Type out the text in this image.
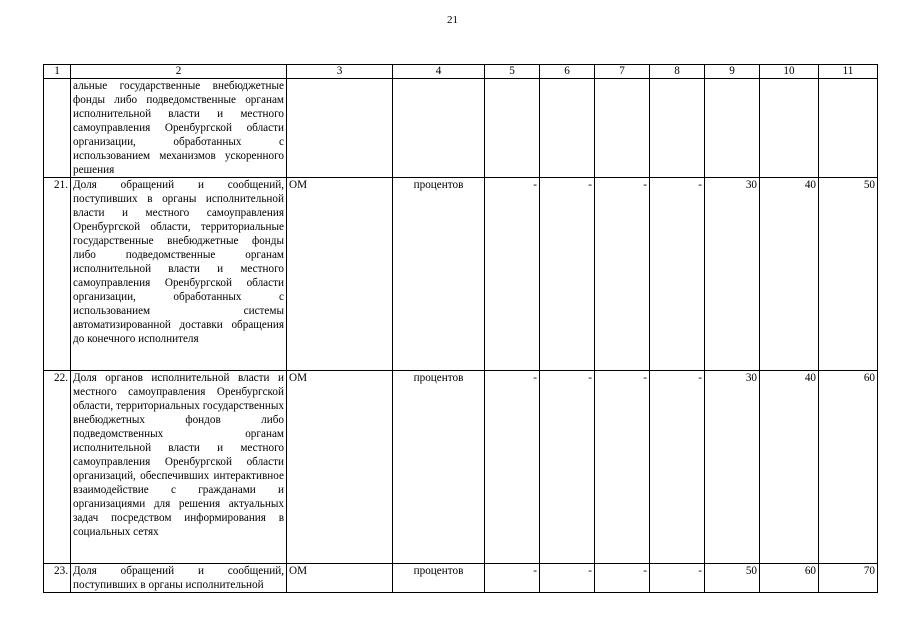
21
1	2	3	4	5	6	7	8	9	10	11
	альные государственные внебюджетные фонды либо подведомственные органам исполнительной власти и местного самоуправления Оренбургской области организации, обработанных с использованием механизмов ускоренного решения									
21.	Доля обращений и сообщений, поступивших в органы исполнительной власти и местного самоуправления Оренбургской области, территориальные государственные внебюджетные фонды либо подведомственные органам исполнительной власти и местного самоуправления Оренбургской области организации, обработанных с использованием системы автоматизированной доставки обращения до конечного исполнителя	ОМ	процентов	-	-	-	-	30	40	50
22.	Доля органов исполнительной власти и местного самоуправления Оренбургской области, территориальных государственных внебюджетных фондов либо подведомственных органам исполнительной власти и местного самоуправления Оренбургской области организаций, обеспечивших интерактивное взаимодействие с гражданами и организациями для решения актуальных задач посредством информирования в социальных сетях	ОМ	процентов	-	-	-	-	30	40	60
23.	Доля обращений и сообщений, поступивших в органы исполнительной	ОМ	процентов	-	-	-	-	50	60	70
